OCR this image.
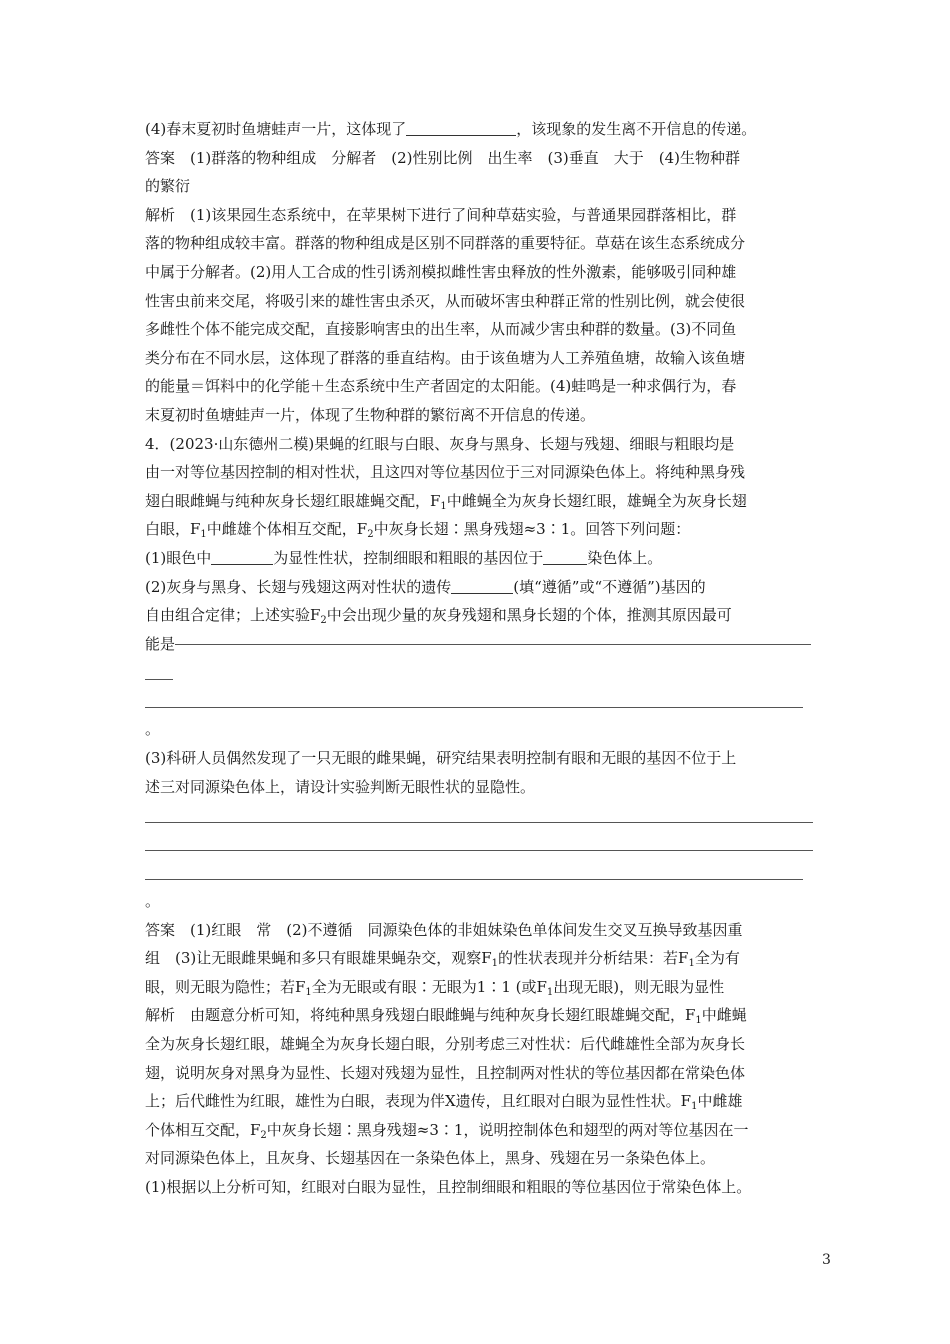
(4)春末夏初时鱼塘蛙声一片，这体现了	，该现象的发生离不开信息的传递。

答案　(1)群落的物种组成　分解者　(2)性别比例　出生率　(3)垂直　大于　(4)生物种群
的繁衍

解析　(1)该果园生态系统中，在苹果树下进行了间种草菇实验，与普通果园群落相比，群
落的物种组成较丰富。群落的物种组成是区别不同群落的重要特征。草菇在该生态系统成分
中属于分解者。(2)用人工合成的性引诱剂模拟雌性害虫释放的性外激素，能够吸引同种雄
性害虫前来交尾，将吸引来的雄性害虫杀灭，从而破坏害虫种群正常的性别比例，就会使很
多雌性个体不能完成交配，直接影响害虫的出生率，从而减少害虫种群的数量。(3)不同鱼
类分布在不同水层，这体现了群落的垂直结构。由于该鱼塘为人工养殖鱼塘，故输入该鱼塘
的能量＝饵料中的化学能＋生态系统中生产者固定的太阳能。(4)蛙鸣是一种求偶行为，春
末夏初时鱼塘蛙声一片，体现了生物种群的繁衍离不开信息的传递。

4．(2023·山东德州二模)果蝇的红眼与白眼、灰身与黑身、长翅与残翅、细眼与粗眼均是
由一对等位基因控制的相对性状，且这四对等位基因位于三对同源染色体上。将纯种黑身残
翅白眼雌蝇与纯种灰身长翅红眼雄蝇交配，$F_1$中雌蝇全为灰身长翅红眼，雄蝇全为灰身长翅
白眼，$F_1$中雌雄个体相互交配，$F_2$中灰身长翅∶黑身残翅≈3∶1。回答下列问题：

(1)眼色中	为显性性状，控制细眼和粗眼的基因位于	染色体上。

(2)灰身与黑身、长翅与残翅这两对性状的遗传	(填“遵循”或“不遵循”)基因的
自由组合定律；上述实验$F_2$中会出现少量的灰身残翅和黑身长翅的个体，推测其原因最可
能是
。

(3)科研人员偶然发现了一只无眼的雌果蝇，研究结果表明控制有眼和无眼的基因不位于上
述三对同源染色体上，请设计实验判断无眼性状的显隐性。
。

答案　(1)红眼　常　(2)不遵循　同源染色体的非姐妹染色单体间发生交叉互换导致基因重
组　(3)让无眼雌果蝇和多只有眼雄果蝇杂交，观察$F_1$的性状表现并分析结果：若$F_1$全为有
眼，则无眼为隐性；若$F_1$全为无眼或有眼∶无眼为1∶1 (或$F_1$出现无眼)，则无眼为显性

解析　由题意分析可知，将纯种黑身残翅白眼雌蝇与纯种灰身长翅红眼雄蝇交配，$F_1$中雌蝇
全为灰身长翅红眼，雄蝇全为灰身长翅白眼，分别考虑三对性状：后代雌雄性全部为灰身长
翅，说明灰身对黑身为显性、长翅对残翅为显性，且控制两对性状的等位基因都在常染色体
上；后代雌性为红眼，雄性为白眼，表现为伴X遗传，且红眼对白眼为显性性状。$F_1$中雌雄
个体相互交配，$F_2$中灰身长翅∶黑身残翅≈3∶1，说明控制体色和翅型的两对等位基因在一
对同源染色体上，且灰身、长翅基因在一条染色体上，黑身、残翅在另一条染色体上。
(1)根据以上分析可知，红眼对白眼为显性，且控制细眼和粗眼的等位基因位于常染色体上。

3
